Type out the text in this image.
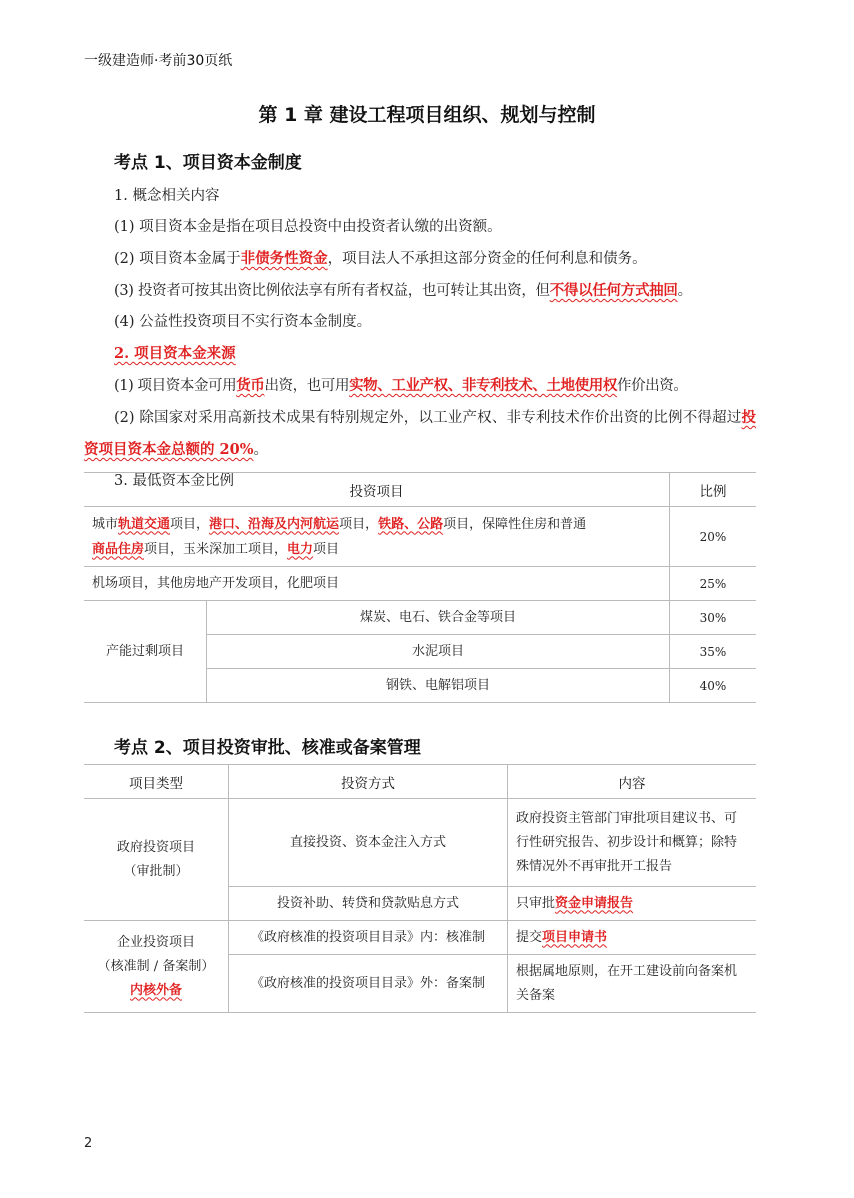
一级建造师·考前30页纸
第 1 章 建设工程项目组织、规划与控制
考点 1、项目资本金制度
1. 概念相关内容
(1) 项目资本金是指在项目总投资中由投资者认缴的出资额。
(2) 项目资本金属于非债务性资金，项目法人不承担这部分资金的任何利息和债务。
(3) 投资者可按其出资比例依法享有所有者权益，也可转让其出资，但不得以任何方式抽回。
(4) 公益性投资项目不实行资本金制度。
2. 项目资本金来源
(1) 项目资本金可用货币出资，也可用实物、工业产权、非专利技术、土地使用权作价出资。
(2) 除国家对采用高新技术成果有特别规定外，以工业产权、非专利技术作价出资的比例不得超过投资项目资本金总额的 20%。
3. 最低资本金比例
投资项目		比例
城市轨道交通项目，港口、沿海及内河航运项目，铁路、公路项目，保障性住房和普通
商品住房项目，玉米深加工项目，电力项目		20%
机场项目，其他房地产开发项目，化肥项目		25%
产能过剩项目	煤炭、电石、铁合金等项目	30%
	水泥项目	35%
	钢铁、电解铝项目	40%
考点 2、项目投资审批、核准或备案管理
项目类型	投资方式	内容

政府投资项目
（审批制）	直接投资、资本金注入方式	政府投资主管部门审批项目建议书、可行性研究报告、初步设计和概算；除特殊情况外不再审批开工报告
	投资补助、转贷和贷款贴息方式	只审批资金申请报告

企业投资项目
（核准制 / 备案制）
内核外备	《政府核准的投资项目目录》内：核准制	提交项目申请书
	《政府核准的投资项目目录》外：备案制	根据属地原则，在开工建设前向备案机关备案
2
